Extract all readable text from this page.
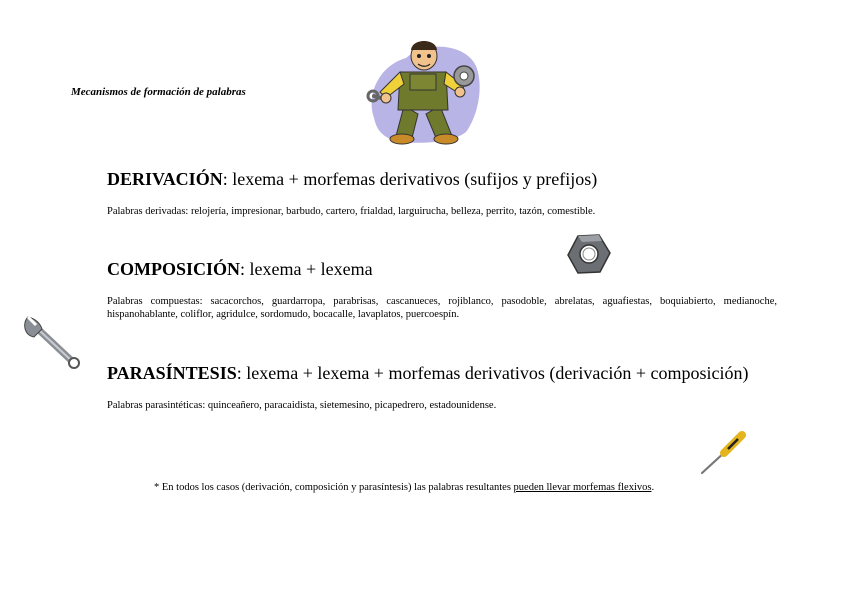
Mecanismos de formación de palabras
DERIVACIÓN: lexema + morfemas derivativos (sufijos y prefijos)
Palabras derivadas: relojería, impresionar, barbudo, cartero, frialdad, larguirucha, belleza, perrito, tazón, comestible.
COMPOSICIÓN: lexema + lexema
Palabras compuestas: sacacorchos, guardarropa, parabrisas, cascanueces, rojiblanco, pasodoble, abrelatas, aguafiestas, boquiabierto, medianoche, hispanohablante, coliflor, agridulce, sordomudo, bocacalle, lavaplatos, puercoespín.
PARASÍNTESIS: lexema + lexema + morfemas derivativos (derivación + composición)
Palabras parasintéticas: quinceañero, paracaidista, sietemesino, picapedrero, estadounidense.
* En todos los casos (derivación, composición y parasíntesis) las palabras resultantes pueden llevar morfemas flexivos.
